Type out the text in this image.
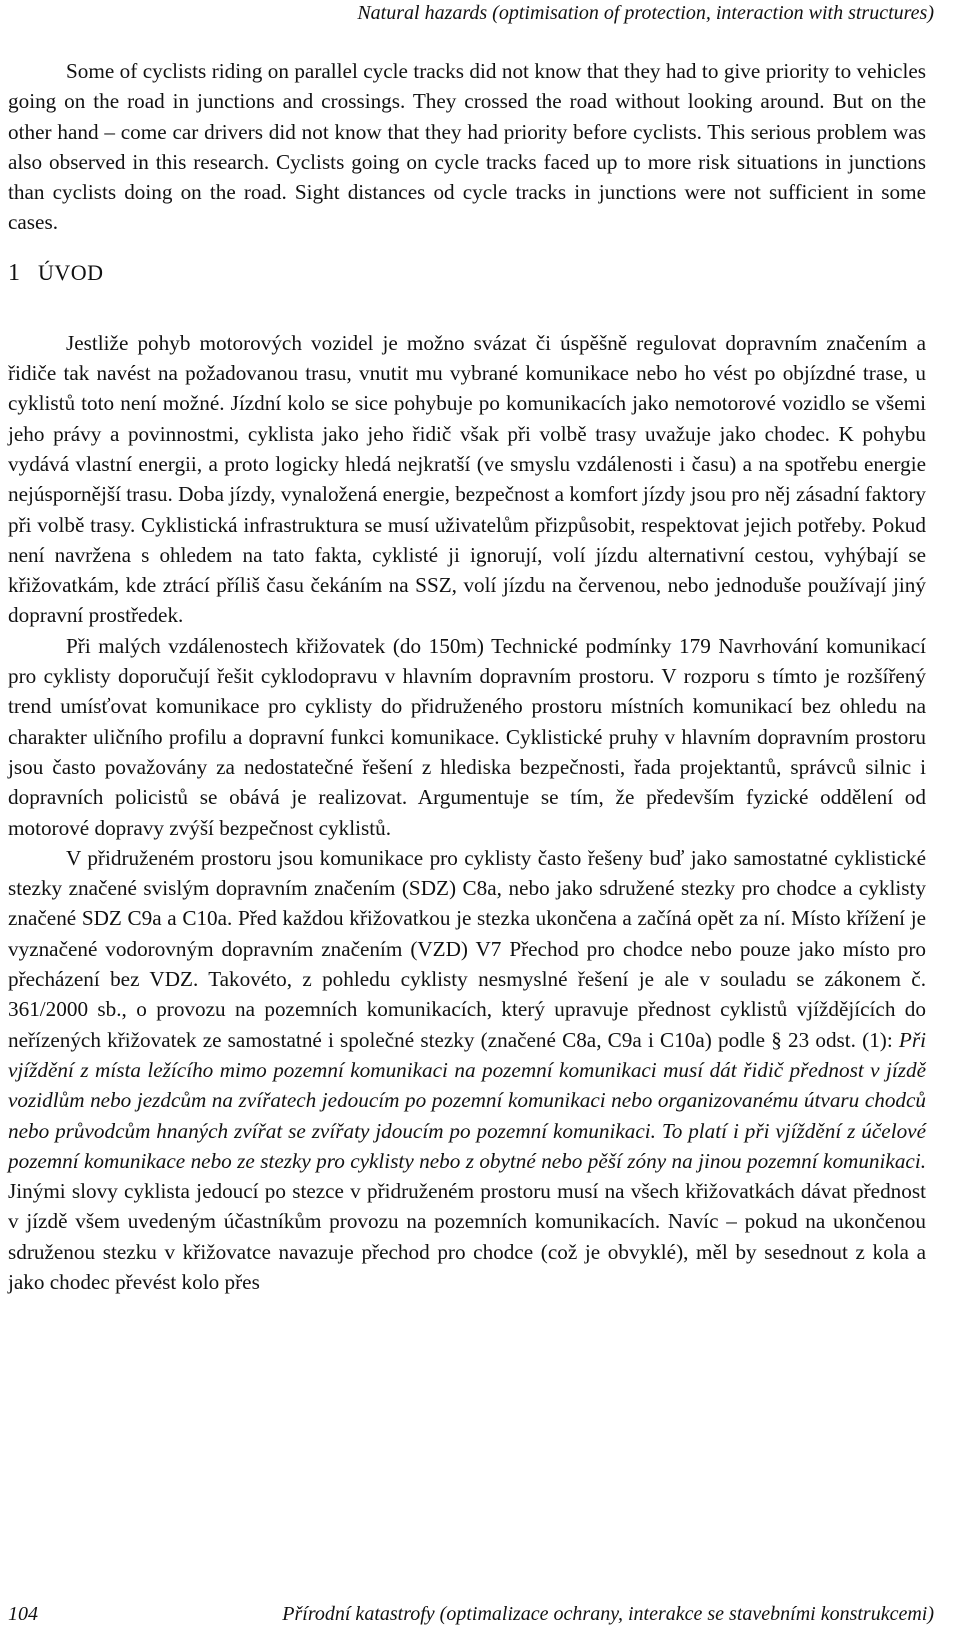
Natural hazards (optimisation of protection, interaction with structures)

Some of cyclists riding on parallel cycle tracks did not know that they had to give priority to vehicles going on the road in junctions and crossings. They crossed the road without looking around. But on the other hand – come car drivers did not know that they had priority before cyclists. This serious problem was also observed in this research. Cyclists going on cycle tracks faced up to more risk situations in junctions than cyclists doing on the road. Sight distances od cycle tracks in junctions were not sufficient in some cases.

1 ÚVOD

Jestliže pohyb motorových vozidel je možno svázat či úspěšně regulovat dopravním značením a řidiče tak navést na požadovanou trasu, vnutit mu vybrané komunikace nebo ho vést po objízdné trase, u cyklistů toto není možné. Jízdní kolo se sice pohybuje po komunikacích jako nemotorové vozidlo se všemi jeho právy a povinnostmi, cyklista jako jeho řidič však při volbě trasy uvažuje jako chodec. K pohybu vydává vlastní energii, a proto logicky hledá nejkratší (ve smyslu vzdálenosti i času) a na spotřebu energie nejúspornější trasu. Doba jízdy, vynaložená energie, bezpečnost a komfort jízdy jsou pro něj zásadní faktory při volbě trasy. Cyklistická infrastruktura se musí uživatelům přizpůsobit, respektovat jejich potřeby. Pokud není navržena s ohledem na tato fakta, cyklisté ji ignorují, volí jízdu alternativní cestou, vyhýbají se křižovatkám, kde ztrácí příliš času čekáním na SSZ, volí jízdu na červenou, nebo jednoduše používají jiný dopravní prostředek.

Při malých vzdálenostech křižovatek (do 150m) Technické podmínky 179 Navrhování komunikací pro cyklisty doporučují řešit cyklodopravu v hlavním dopravním prostoru. V rozporu s tímto je rozšířený trend umísťovat komunikace pro cyklisty do přidruženého prostoru místních komunikací bez ohledu na charakter uličního profilu a dopravní funkci komunikace. Cyklistické pruhy v hlavním dopravním prostoru jsou často považovány za nedostatečné řešení z hlediska bezpečnosti, řada projektantů, správců silnic i dopravních policistů se obává je realizovat. Argumentuje se tím, že především fyzické oddělení od motorové dopravy zvýší bezpečnost cyklistů.

V přidruženém prostoru jsou komunikace pro cyklisty často řešeny buď jako samostatné cyklistické stezky značené svislým dopravním značením (SDZ) C8a, nebo jako sdružené stezky pro chodce a cyklisty značené SDZ C9a a C10a. Před každou křižovatkou je stezka ukončena a začíná opět za ní. Místo křížení je vyznačené vodorovným dopravním značením (VZD) V7 Přechod pro chodce nebo pouze jako místo pro přecházení bez VDZ. Takovéto, z pohledu cyklisty nesmyslné řešení je ale v souladu se zákonem č. 361/2000 sb., o provozu na pozemních komunikacích, který upravuje přednost cyklistů vjíždějících do neřízených křižovatek ze samostatné i společné stezky (značené C8a, C9a i C10a) podle § 23 odst. (1): Při vjíždění z místa ležícího mimo pozemní komunikaci na pozemní komunikaci musí dát řidič přednost v jízdě vozidlům nebo jezdcům na zvířatech jedoucím po pozemní komunikaci nebo organizovanému útvaru chodců nebo průvodcům hnaných zvířat se zvířaty jdoucím po pozemní komunikaci. To platí i při vjíždění z účelové pozemní komunikace nebo ze stezky pro cyklisty nebo z obytné nebo pěší zóny na jinou pozemní komunikaci. Jinými slovy cyklista jedoucí po stezce v přidruženém prostoru musí na všech křižovatkách dávat přednost v jízdě všem uvedeným účastníkům provozu na pozemních komunikacích. Navíc – pokud na ukončenou sdruženou stezku v křižovatce navazuje přechod pro chodce (což je obvyklé), měl by sesednout z kola a jako chodec převést kolo přes

104	Přírodní katastrofy (optimalizace ochrany, interakce se stavebními konstrukcemi)
